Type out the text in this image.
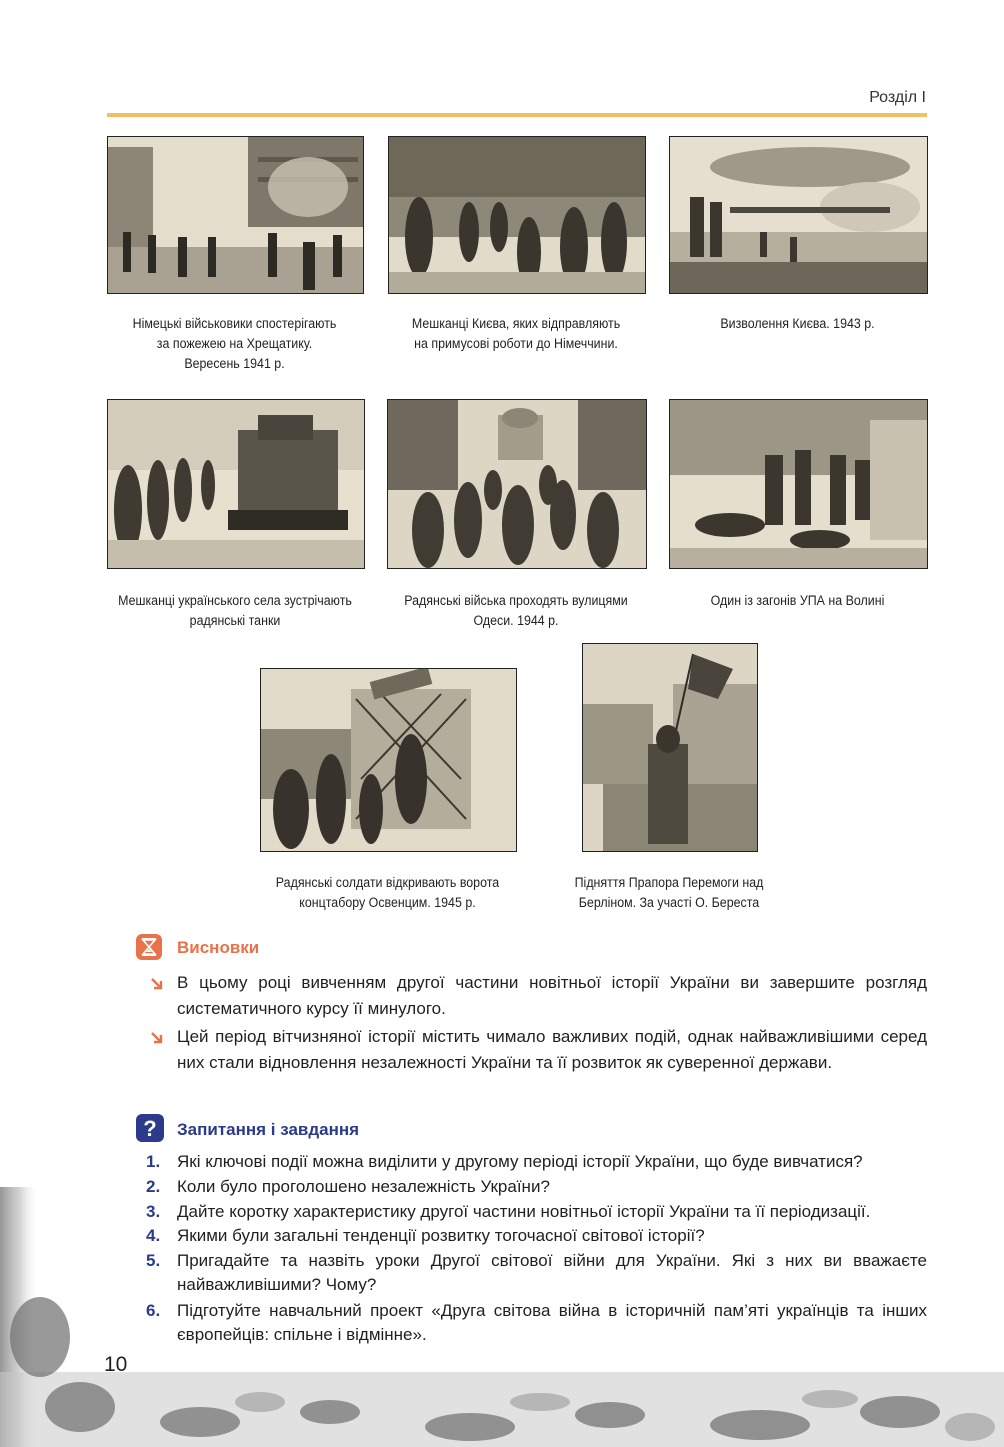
Розділ І
Німецькі військовики спостерігають
за пожежею на Хрещатику.
Вересень 1941 р.
Мешканці Києва, яких відправляють
на примусові роботи до Німеччини.
Визволення Києва. 1943 р.
Мешканці українського села зустрічають
радянські танки
Радянські війська проходять вулицями
Одеси. 1944 р.
Один із загонів УПА на Волині
Радянські солдати відкривають ворота
концтабору Освенцим. 1945 р.
Підняття Прапора Перемоги над
Берліном. За участі О. Береста
Висновки
В цьому році вивченням другої частини новітньої історії України ви завершите розгляд систематичного курсу її минулого.
Цей період вітчизняної історії містить чимало важливих подій, однак найважливішими серед них стали відновлення незалежності України та її розвиток як суверенної держави.
? Запитання і завдання
1. Які ключові події можна виділити у другому періоді історії України, що буде вивчатися?
2. Коли було проголошено незалежність України?
3. Дайте коротку характеристику другої частини новітньої історії України та її періодизації.
4. Якими були загальні тенденції розвитку тогочасної світової історії?
5. Пригадайте та назвіть уроки Другої світової війни для України. Які з них ви вважаєте найважливішими? Чому?
6. Підготуйте навчальний проект «Друга світова війна в історичній пам’яті українців та інших європейців: спільне і відмінне».
10
